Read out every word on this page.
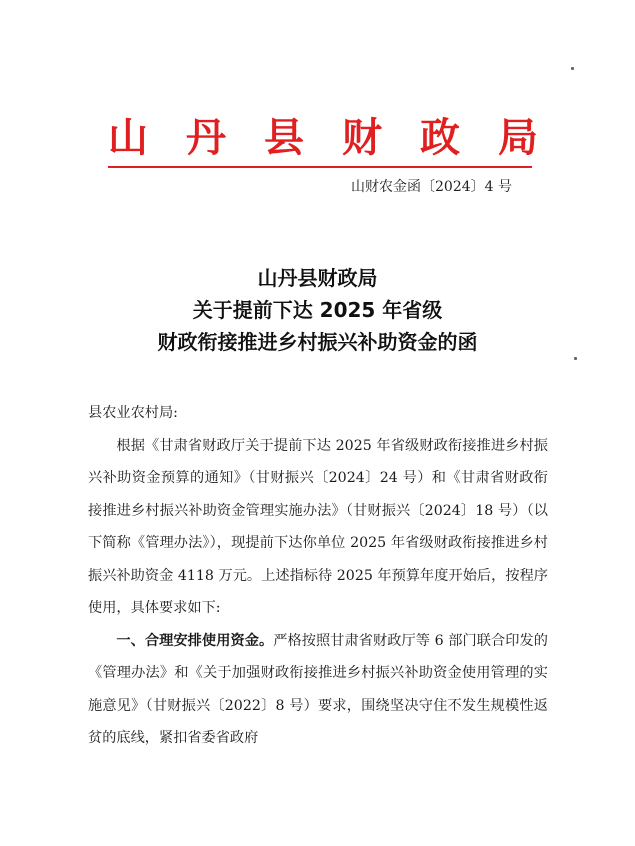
山 丹 县 财 政 局
山财农金函〔2024〕4 号
山丹县财政局
关于提前下达 2025 年省级
财政衔接推进乡村振兴补助资金的函

县农业农村局:

根据《甘肃省财政厅关于提前下达 2025 年省级财政衔接推进乡村振兴补助资金预算的通知》（甘财振兴〔2024〕24 号）和《甘肃省财政衔接推进乡村振兴补助资金管理实施办法》（甘财振兴〔2024〕18 号）（以下简称《管理办法》），现提前下达你单位 2025 年省级财政衔接推进乡村振兴补助资金 4118 万元。上述指标待 2025 年预算年度开始后，按程序使用，具体要求如下:

一、合理安排使用资金。严格按照甘肃省财政厅等 6 部门联合印发的《管理办法》和《关于加强财政衔接推进乡村振兴补助资金使用管理的实施意见》（甘财振兴〔2022〕8 号）要求，围绕坚决守住不发生规模性返贫的底线，紧扣省委省政府
